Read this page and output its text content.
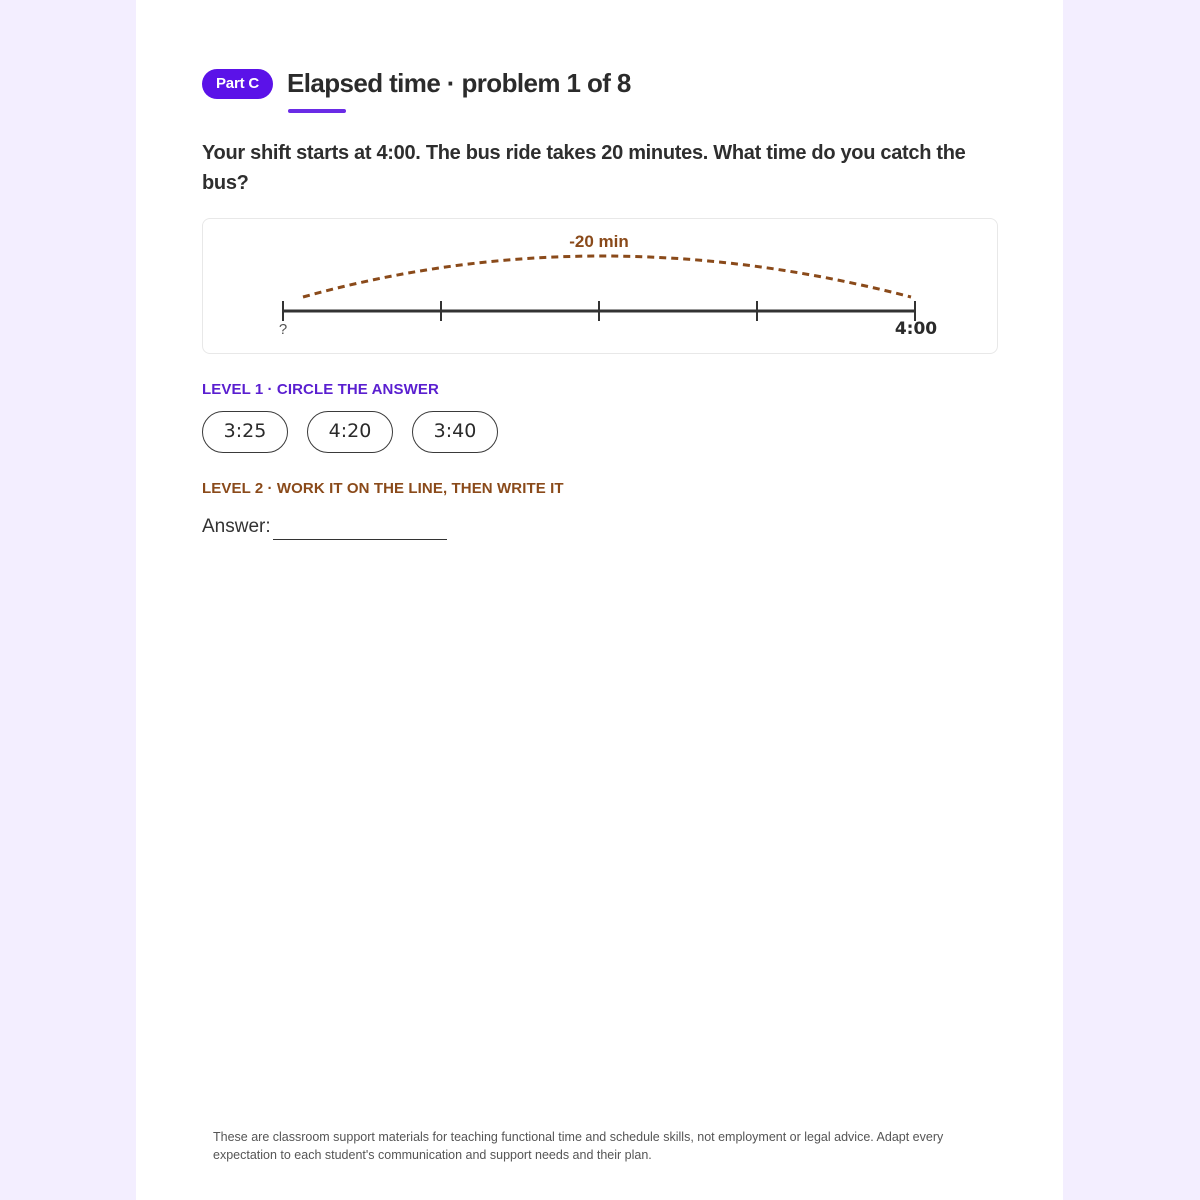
Part C	Elapsed time · problem 1 of 8
Your shift starts at 4:00. The bus ride takes 20 minutes. What time do you catch the bus?
-20 min
?	4:00
LEVEL 1 · CIRCLE THE ANSWER
3:25	4:20	3:40
LEVEL 2 · WORK IT ON THE LINE, THEN WRITE IT
Answer:
These are classroom support materials for teaching functional time and schedule skills, not employment or legal advice. Adapt every expectation to each student's communication and support needs and their plan.
